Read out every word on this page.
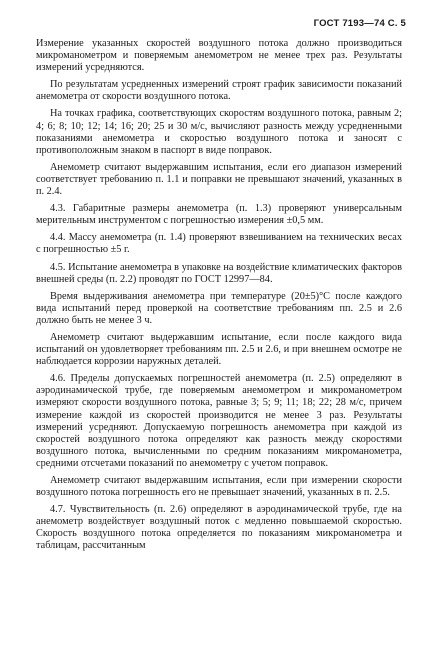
ГОСТ 7193—74 С. 5

Измерение указанных скоростей воздушного потока должно производиться микроманометром и поверяемым анемометром не менее трех раз. Результаты измерений усредняются.

По результатам усредненных измерений строят график зависимости показаний анемометра от скорости воздушного потока.

На точках графика, соответствующих скоростям воздушного потока, равным 2; 4; 6; 8; 10; 12; 14; 16; 20; 25 и 30 м/с, вычисляют разность между усредненными показаниями анемометра и скоростью воздушного потока и заносят с противоположным знаком в паспорт в виде поправок.

Анемометр считают выдержавшим испытания, если его диапазон измерений соответствует требованию п. 1.1 и поправки не превышают значений, указанных в п. 2.4.

4.3. Габаритные размеры анемометра (п. 1.3) проверяют универсальным мерительным инструментом с погрешностью измерения ±0,5 мм.

4.4. Массу анемометра (п. 1.4) проверяют взвешиванием на технических весах с погрешностью ±5 г.

4.5. Испытание анемометра в упаковке на воздействие климатических факторов внешней среды (п. 2.2) проводят по ГОСТ 12997—84.

Время выдерживания анемометра при температуре (20±5)°С после каждого вида испытаний перед проверкой на соответствие требованиям пп. 2.5 и 2.6 должно быть не менее 3 ч.

Анемометр считают выдержавшим испытание, если после каждого вида испытаний он удовлетворяет требованиям пп. 2.5 и 2.6, и при внешнем осмотре не наблюдается коррозии наружных деталей.

4.6. Пределы допускаемых погрешностей анемометра (п. 2.5) определяют в аэродинамической трубе, где поверяемым анемометром и микроманометром измеряют скорости воздушного потока, равные 3; 5; 9; 11; 18; 22; 28 м/с, причем измерение каждой из скоростей производится не менее 3 раз. Результаты измерений усредняют. Допускаемую погрешность анемометра при каждой из скоростей воздушного потока определяют как разность между скоростями воздушного потока, вычисленными по средним показаниям микроманометра, средними отсчетами показаний по анемометру с учетом поправок.

Анемометр считают выдержавшим испытания, если при измерении скорости воздушного потока погрешность его не превышает значений, указанных в п. 2.5.

4.7. Чувствительность (п. 2.6) определяют в аэродинамической трубе, где на анемометр воздействует воздушный поток с медленно повышаемой скоростью. Скорость воздушного потока определяется по показаниям микроманометра и таблицам, рассчитанным
